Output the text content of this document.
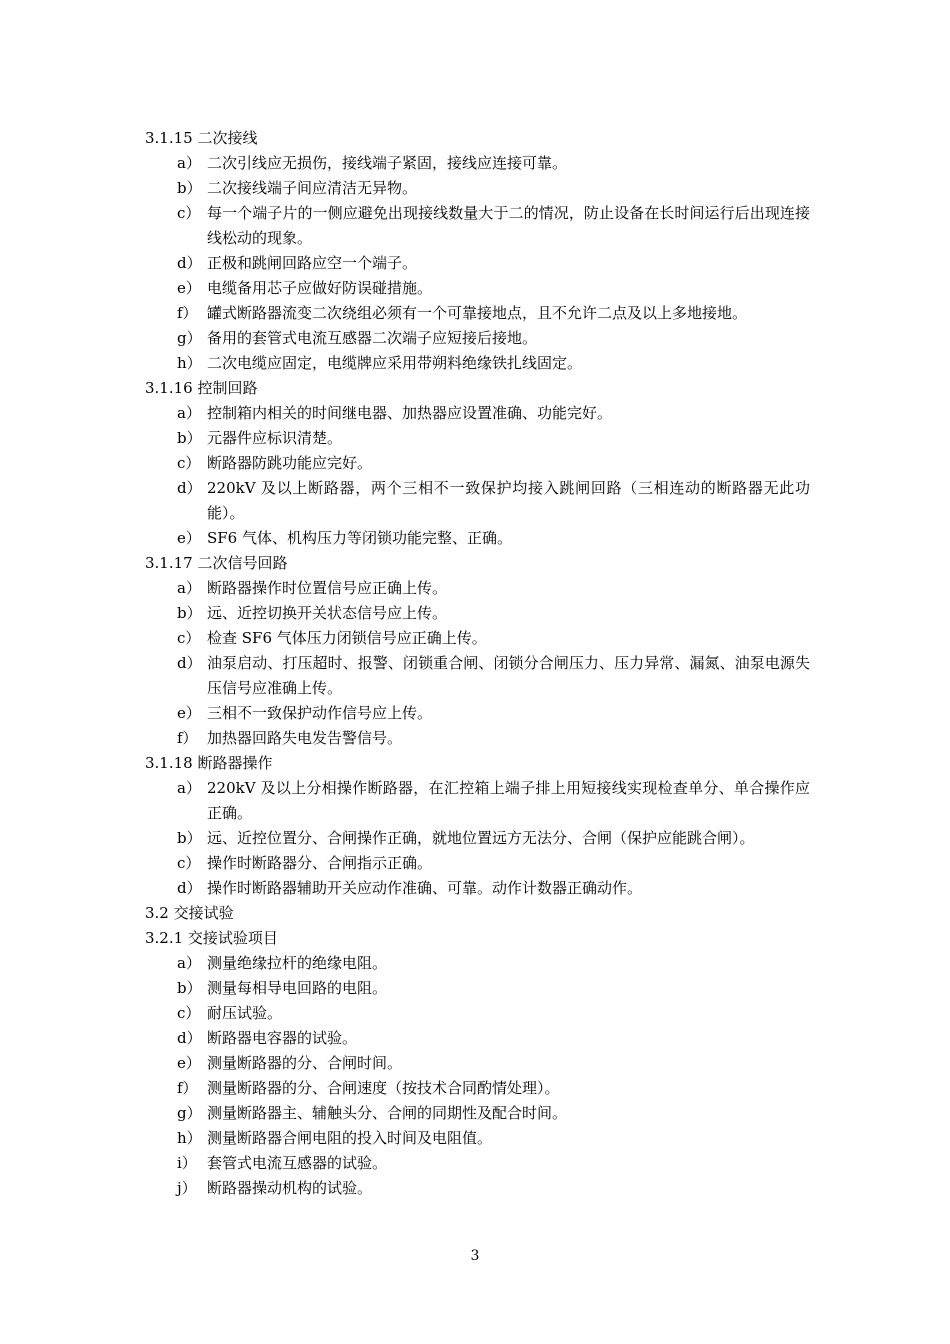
3.1.15 二次接线
a） 二次引线应无损伤，接线端子紧固，接线应连接可靠。
b） 二次接线端子间应清洁无异物。
c） 每一个端子片的一侧应避免出现接线数量大于二的情况，防止设备在长时间运行后出现连接线松动的现象。
d） 正极和跳闸回路应空一个端子。
e） 电缆备用芯子应做好防误碰措施。
f） 罐式断路器流变二次绕组必须有一个可靠接地点，且不允许二点及以上多地接地。
g） 备用的套管式电流互感器二次端子应短接后接地。
h） 二次电缆应固定，电缆牌应采用带朔料绝缘铁扎线固定。
3.1.16 控制回路
a） 控制箱内相关的时间继电器、加热器应设置准确、功能完好。
b） 元器件应标识清楚。
c） 断路器防跳功能应完好。
d） 220kV 及以上断路器，两个三相不一致保护均接入跳闸回路（三相连动的断路器无此功能）。
e） SF6 气体、机构压力等闭锁功能完整、正确。
3.1.17 二次信号回路
a） 断路器操作时位置信号应正确上传。
b） 远、近控切换开关状态信号应上传。
c） 检查 SF6 气体压力闭锁信号应正确上传。
d） 油泵启动、打压超时、报警、闭锁重合闸、闭锁分合闸压力、压力异常、漏氮、油泵电源失压信号应准确上传。
e） 三相不一致保护动作信号应上传。
f） 加热器回路失电发告警信号。
3.1.18 断路器操作
a） 220kV 及以上分相操作断路器，在汇控箱上端子排上用短接线实现检查单分、单合操作应正确。
b） 远、近控位置分、合闸操作正确，就地位置远方无法分、合闸（保护应能跳合闸）。
c） 操作时断路器分、合闸指示正确。
d） 操作时断路器辅助开关应动作准确、可靠。动作计数器正确动作。
3.2 交接试验
3.2.1 交接试验项目
a） 测量绝缘拉杆的绝缘电阻。
b） 测量每相导电回路的电阻。
c） 耐压试验。
d） 断路器电容器的试验。
e） 测量断路器的分、合闸时间。
f） 测量断路器的分、合闸速度（按技术合同酌情处理）。
g） 测量断路器主、辅触头分、合闸的同期性及配合时间。
h） 测量断路器合闸电阻的投入时间及电阻值。
i） 套管式电流互感器的试验。
j） 断路器操动机构的试验。
3
